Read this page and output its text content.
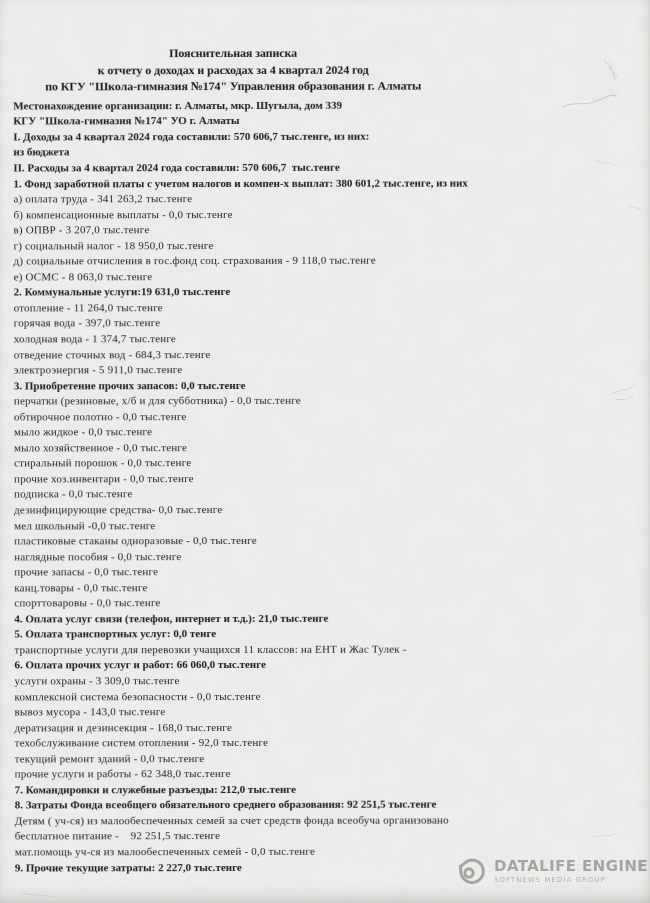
Пояснительная записка
к отчету о доходах и расходах за 4 квартал 2024 год
по КГУ "Школа-гимназия №174" Управления образования г. Алматы
Местонахождение организации: г. Алматы, мкр. Шугыла, дом 339
КГУ "Школа-гимназия №174" УО г. Алматы
I. Доходы за 4 квартал 2024 года составили: 570 606,7 тыс.тенге, из них:
из бюджета
II. Расходы за 4 квартал 2024 года составили: 570 606,7  тыс.тенге
1. Фонд заработной платы с учетом налогов и компен-х выплат: 380 601,2 тыс.тенге, из них
а) оплата труда - 341 263,2 тыс.тенге
б) компенсационные выплаты - 0,0 тыс.тенге
в) ОПВР - 3 207,0 тыс.тенге
г) социальный налог - 18 950,0 тыс.тенге
д) социальные отчисления в гос.фонд соц. страхования - 9 118,0 тыс.тенге
е) ОСМС - 8 063,0 тыс.тенге
2. Коммунальные услуги:19 631,0 тыс.тенге
отопление - 11 264,0 тыс.тенге
горячая вода - 397,0 тыс.тенге
холодная вода - 1 374,7 тыс.тенге
отведение сточных вод - 684,3 тыс.тенге
электроэнергия - 5 911,0 тыс.тенге
3. Приобретение прочих запасов: 0,0 тыс.тенге
перчатки (резиновые, х/б и для субботника) - 0,0 тыс.тенге
обтирочное полотно - 0,0 тыс.тенге
мыло жидкое - 0,0 тыс.тенге
мыло хозяйственное - 0,0 тыс.тенге
стиральный порошок - 0,0 тыс.тенге
прочие хоз.инвентари - 0,0 тыс.тенге
подписка - 0,0 тыс.тенге
дезинфицирующие средства- 0,0 тыс.тенге
мел школьный -0,0 тыс.тенге
пластиковые стаканы одноразовые - 0,0 тыс.тенге
наглядные пособия - 0,0 тыс.тенге
прочие запасы - 0,0 тыс.тенге
канц.товары - 0,0 тыс.тенге
спорттоваровы - 0,0 тыс.тенге
4. Оплата услуг связи (телефон, интернет и т.д.): 21,0 тыс.тенге
5. Оплата транспортных услуг: 0,0 тенге
транспортные услуги для перевозки учащихся 11 классов: на ЕНТ и Жас Тулек -
6. Оплата прочих услуг и работ: 66 060,0 тыс.тенге
услуги охраны - 3 309,0 тыс.тенге
комплексной система безопасности - 0,0 тыс.тенге
вывоз мусора - 143,0 тыс.тенге
дератизация и дезинсекция - 168,0 тыс.тенге
техобслуживание систем отопления - 92,0 тыс.тенге
текущий ремонт зданий - 0,0 тыс.тенге
прочие услуги и работы - 62 348,0 тыс.тенге
7. Командировки и служебные разъезды: 212,0 тыс.тенге
8. Затраты Фонда всеобщего обязательного среднего образования: 92 251,5 тыс.тенге
Детям ( уч-ся) из малообеспеченных семей за счет средств фонда всеобуча организовано
бесплатное питание -    92 251,5 тыс.тенге
мат.помощь уч-ся из малообеспеченных семей - 0,0 тыс.тенге
9. Прочие текущие затраты: 2 227,0 тыс.тенге	DATALIFE ENGINE
SOFTNEWS MEDIA GROUP
